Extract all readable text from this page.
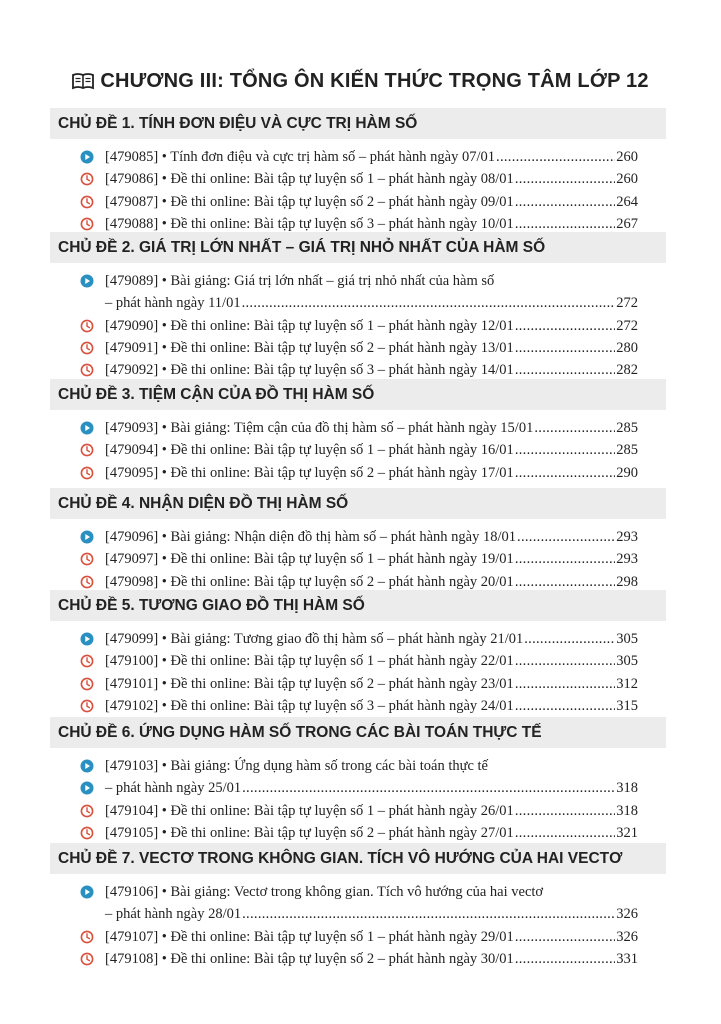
CHƯƠNG III: TỔNG ÔN KIẾN THỨC TRỌNG TÂM LỚP 12
CHỦ ĐỀ 1. TÍNH ĐƠN ĐIỆU VÀ CỰC TRỊ HÀM SỐ
[479085] • Tính đơn điệu và cực trị hàm số – phát hành ngày 07/01 .....	260
[479086] • Đề thi online: Bài tập tự luyện số 1 – phát hành ngày 08/01 .....	260
[479087] • Đề thi online: Bài tập tự luyện số 2 – phát hành ngày 09/01 .....	264
[479088] • Đề thi online: Bài tập tự luyện số 3 – phát hành ngày 10/01 .....	267
CHỦ ĐỀ 2. GIÁ TRỊ LỚN NHẤT – GIÁ TRỊ NHỎ NHẤT CỦA HÀM SỐ
[479089] • Bài giảng: Giá trị lớn nhất – giá trị nhỏ nhất của hàm số
– phát hành ngày 11/01 .....	272
[479090] • Đề thi online: Bài tập tự luyện số 1 – phát hành ngày 12/01 .....	272
[479091] • Đề thi online: Bài tập tự luyện số 2 – phát hành ngày 13/01 .....	280
[479092] • Đề thi online: Bài tập tự luyện số 3 – phát hành ngày 14/01 .....	282
CHỦ ĐỀ 3. TIỆM CẬN CỦA ĐỒ THỊ HÀM SỐ
[479093] • Bài giảng: Tiệm cận của đồ thị hàm số – phát hành ngày 15/01 .....	285
[479094] • Đề thi online: Bài tập tự luyện số 1 – phát hành ngày 16/01 .....	285
[479095] • Đề thi online: Bài tập tự luyện số 2 – phát hành ngày 17/01 .....	290
CHỦ ĐỀ 4. NHẬN DIỆN ĐỒ THỊ HÀM SỐ
[479096] • Bài giảng: Nhận diện đồ thị hàm số – phát hành ngày 18/01 .....	293
[479097] • Đề thi online: Bài tập tự luyện số 1 – phát hành ngày 19/01 .....	293
[479098] • Đề thi online: Bài tập tự luyện số 2 – phát hành ngày 20/01 .....	298
CHỦ ĐỀ 5. TƯƠNG GIAO ĐỒ THỊ HÀM SỐ
[479099] • Bài giảng: Tương giao đồ thị hàm số – phát hành ngày 21/01 .....	305
[479100] • Đề thi online: Bài tập tự luyện số 1 – phát hành ngày 22/01 .....	305
[479101] • Đề thi online: Bài tập tự luyện số 2 – phát hành ngày 23/01 .....	312
[479102] • Đề thi online: Bài tập tự luyện số 3 – phát hành ngày 24/01 .....	315
CHỦ ĐỀ 6. ỨNG DỤNG HÀM SỐ TRONG CÁC BÀI TOÁN THỰC TẾ
[479103] • Bài giảng: Ứng dụng hàm số trong các bài toán thực tế
– phát hành ngày 25/01 .....	318
[479104] • Đề thi online: Bài tập tự luyện số 1 – phát hành ngày 26/01 .....	318
[479105] • Đề thi online: Bài tập tự luyện số 2 – phát hành ngày 27/01 .....	321
CHỦ ĐỀ 7. VECTƠ TRONG KHÔNG GIAN. TÍCH VÔ HƯỚNG CỦA HAI VECTƠ
[479106] • Bài giảng: Vectơ trong không gian. Tích vô hướng của hai vectơ
– phát hành ngày 28/01 .....	326
[479107] • Đề thi online: Bài tập tự luyện số 1 – phát hành ngày 29/01 .....	326
[479108] • Đề thi online: Bài tập tự luyện số 2 – phát hành ngày 30/01 .....	331
